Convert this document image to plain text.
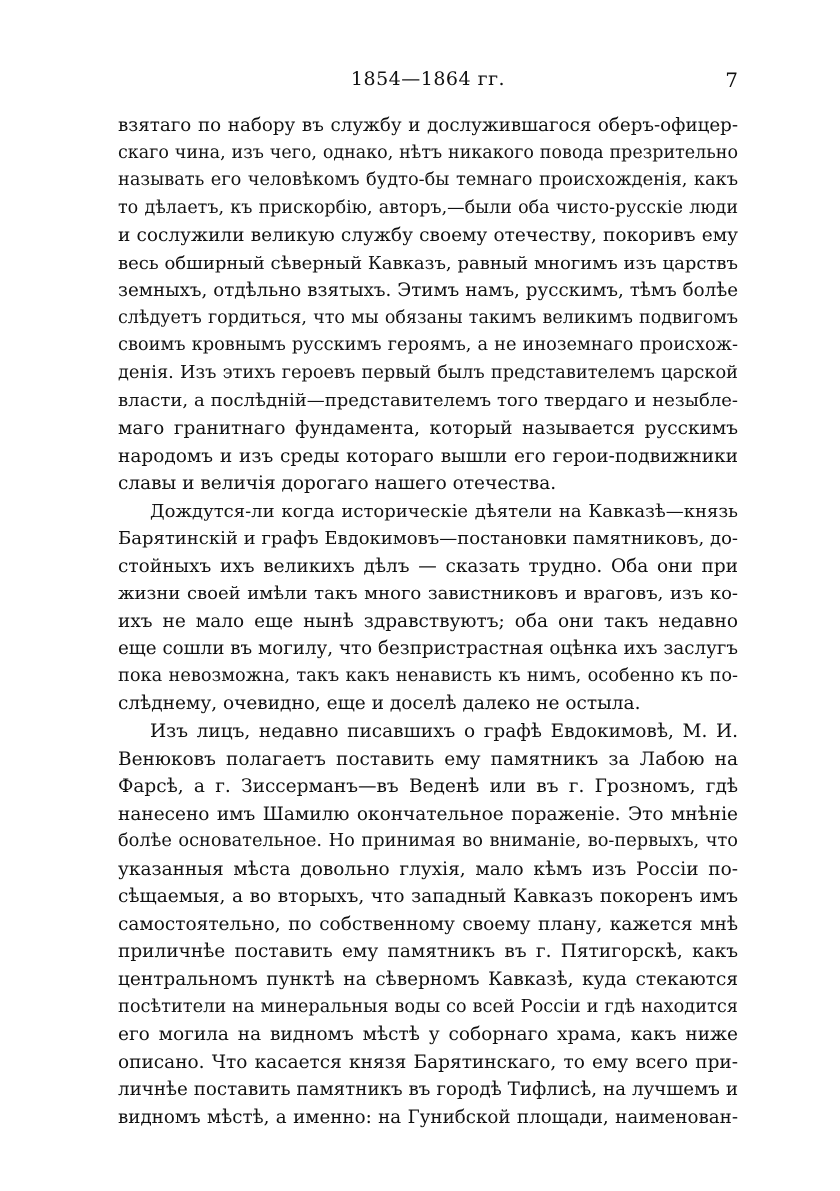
1854—1864 гг.	7
взятаго по набору въ службу и дослужившагося оберъ-офицер-
скаго чина, изъ чего, однако, нѣтъ никакого повода презрительно
называть его человѣкомъ будто-бы темнаго происхожденія, какъ
то дѣлаетъ, къ прискорбію, авторъ,—были оба чисто-русскіе люди
и сослужили великую службу своему отечеству, покоривъ ему
весь обширный сѣверный Кавказъ, равный многимъ изъ царствъ
земныхъ, отдѣльно взятыхъ. Этимъ намъ, русскимъ, тѣмъ болѣе
слѣдуетъ гордиться, что мы обязаны такимъ великимъ подвигомъ
своимъ кровнымъ русскимъ героямъ, а не иноземнаго происхож-
денія. Изъ этихъ героевъ первый былъ представителемъ царской
власти, а послѣдній—представителемъ того твердаго и незыбле-
маго гранитнаго фундамента, который называется русскимъ
народомъ и изъ среды котораго вышли его герои-подвижники
славы и величія дорогаго нашего отечества.
Дождутся-ли когда историческіе дѣятели на Кавказѣ—князь
Барятинскій и графъ Евдокимовъ—постановки памятниковъ, до-
стойныхъ ихъ великихъ дѣлъ — сказать трудно. Оба они при
жизни своей имѣли такъ много завистниковъ и враговъ, изъ ко-
ихъ не мало еще нынѣ здравствуютъ; оба они такъ недавно
еще сошли въ могилу, что безпристрастная оцѣнка ихъ заслугъ
пока невозможна, такъ какъ ненависть къ нимъ, особенно къ по-
слѣднему, очевидно, еще и доселѣ далеко не остыла.
Изъ лицъ, недавно писавшихъ о графѣ Евдокимовѣ, М. И.
Венюковъ полагаетъ поставить ему памятникъ за Лабою на
Фарсѣ, а г. Зиссерманъ—въ Веденѣ или въ г. Грозномъ, гдѣ
нанесено имъ Шамилю окончательное пораженіе. Это мнѣніе
болѣе основательное. Но принимая во вниманіе, во-первыхъ, что
указанныя мѣста довольно глухія, мало кѣмъ изъ Россіи по-
сѣщаемыя, а во вторыхъ, что западный Кавказъ покоренъ имъ
самостоятельно, по собственному своему плану, кажется мнѣ
приличнѣе поставить ему памятникъ въ г. Пятигорскѣ, какъ
центральномъ пунктѣ на сѣверномъ Кавказѣ, куда стекаются
посѣтители на минеральныя воды со всей Россіи и гдѣ находится
его могила на видномъ мѣстѣ у соборнаго храма, какъ ниже
описано. Что касается князя Барятинскаго, то ему всего при-
личнѣе поставить памятникъ въ городѣ Тифлисѣ, на лучшемъ и
видномъ мѣстѣ, а именно: на Гунибской площади, наименован-
